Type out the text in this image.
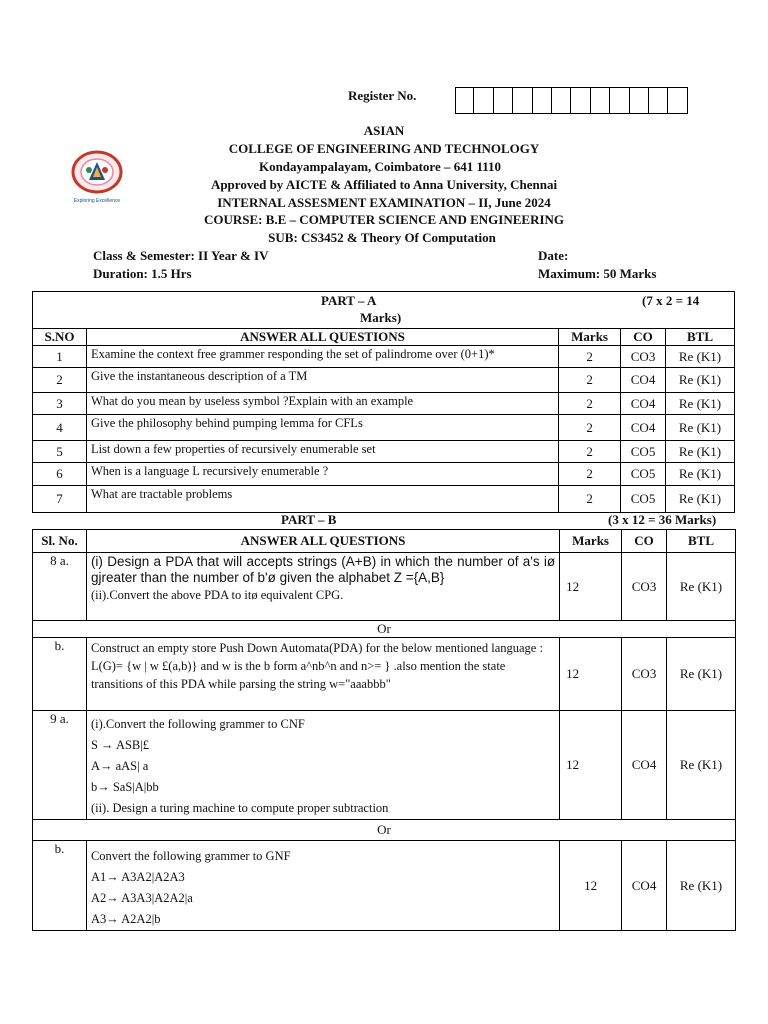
Register No.
Exploring Excellence
ASIAN
COLLEGE OF ENGINEERING AND TECHNOLOGY
Kondayampalayam, Coimbatore – 641 1110
Approved by AICTE & Affiliated to Anna University, Chennai
INTERNAL ASSESMENT EXAMINATION – II, June 2024
COURSE: B.E – COMPUTER SCIENCE AND ENGINEERING
SUB: CS3452 & Theory Of Computation
Class & Semester: II Year & IV	Date:
Duration: 1.5 Hrs	Maximum: 50 Marks
PART – A (7 x 2 = 14
Marks)				

S.NO	ANSWER ALL QUESTIONS	Marks	CO	BTL
1	Examine the context free grammer responding the set of palindrome over (0+1)*	2	CO3	Re (K1)
2	Give the instantaneous description of a TM	2	CO4	Re (K1)
3	What do you mean by useless symbol ?Explain with an example	2	CO4	Re (K1)
4	Give the philosophy behind pumping lemma for CFLs	2	CO4	Re (K1)
5	List down a few properties of recursively enumerable set	2	CO5	Re (K1)
6	When is a language L recursively enumerable ?	2	CO5	Re (K1)
7	What are tractable problems	2	CO5	Re (K1)
PART – B	(3 x 12 = 36 Marks)
Sl. No.	ANSWER ALL QUESTIONS	Marks	CO	BTL
8 a.	(i) Design a PDA that will accepts strings (A+B) in which the number of a's iø gjreater than the number of b'ø given the alphabet Z ={A,B}
(ii).Convert the above PDA to itø equivalent CPG.	12	CO3	Re (K1)
Or				
b.	Construct an empty store Push Down Automata(PDA) for the below mentioned language :
L(G)= {w | w £(a,b)} and w is the b form a^nb^n and n>= } .also mention the state transitions of this PDA while parsing the string w="aaabbb"	12	CO3	Re (K1)
9 a.	(i).Convert the following grammer to CNF
S → ASB|£
A→ aAS| a
b→ SaS|A|bb
(ii). Design a turing machine to compute proper subtraction	12	CO4	Re (K1)
Or				
b.	Convert the following grammer to GNF
A1→ A3A2|A2A3
A2→ A3A3|A2A2|a
A3→ A2A2|b	12	CO4	Re (K1)
